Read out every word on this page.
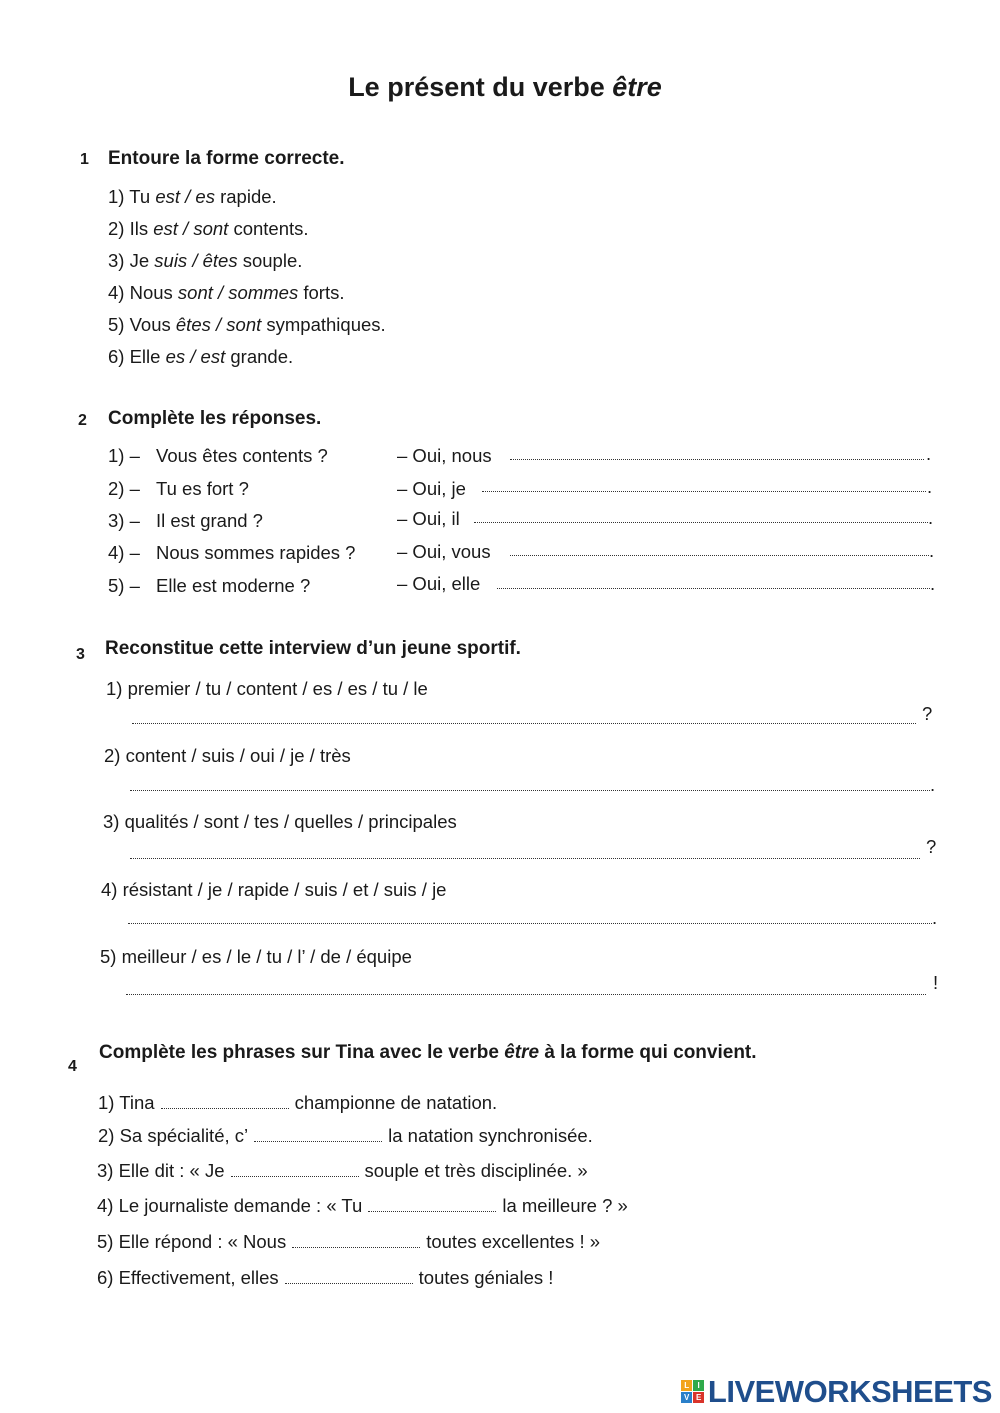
Le présent du verbe être
1 Entoure la forme correcte.
1) Tu est / es rapide.
2) Ils est / sont contents.
3) Je suis / êtes souple.
4) Nous sont / sommes forts.
5) Vous êtes / sont sympathiques.
6) Elle es / est grande.
2 Complète les réponses.
1) – Vous êtes contents ?	– Oui, nous	.
2) – Tu es fort ?	– Oui, je	.
3) – Il est grand ?	– Oui, il	.
4) – Nous sommes rapides ? – Oui, vous	.
5) – Elle est moderne ?	– Oui, elle	.
3 Reconstitue cette interview d’un jeune sportif.
1) premier / tu / content / es / es / tu / le
?
2) content / suis / oui / je / très
.
3) qualités / sont / tes / quelles / principales
?
4) résistant / je / rapide / suis / et / suis / je
.
5) meilleur / es / le / tu / l’ / de / équipe
!
4
Complète les phrases sur Tina avec le verbe être à la forme qui convient.
1) Tina	championne de natation.
2) Sa spécialité, c’	la natation synchronisée.
3) Elle dit : « Je	souple et très disciplinée. »
4) Le journaliste demande : « Tu	la meilleure ? »
5) Elle répond : « Nous	toutes excellentes ! »
6) Effectivement, elles	toutes géniales !
L	I
V E LIVEWORKSHEETS
